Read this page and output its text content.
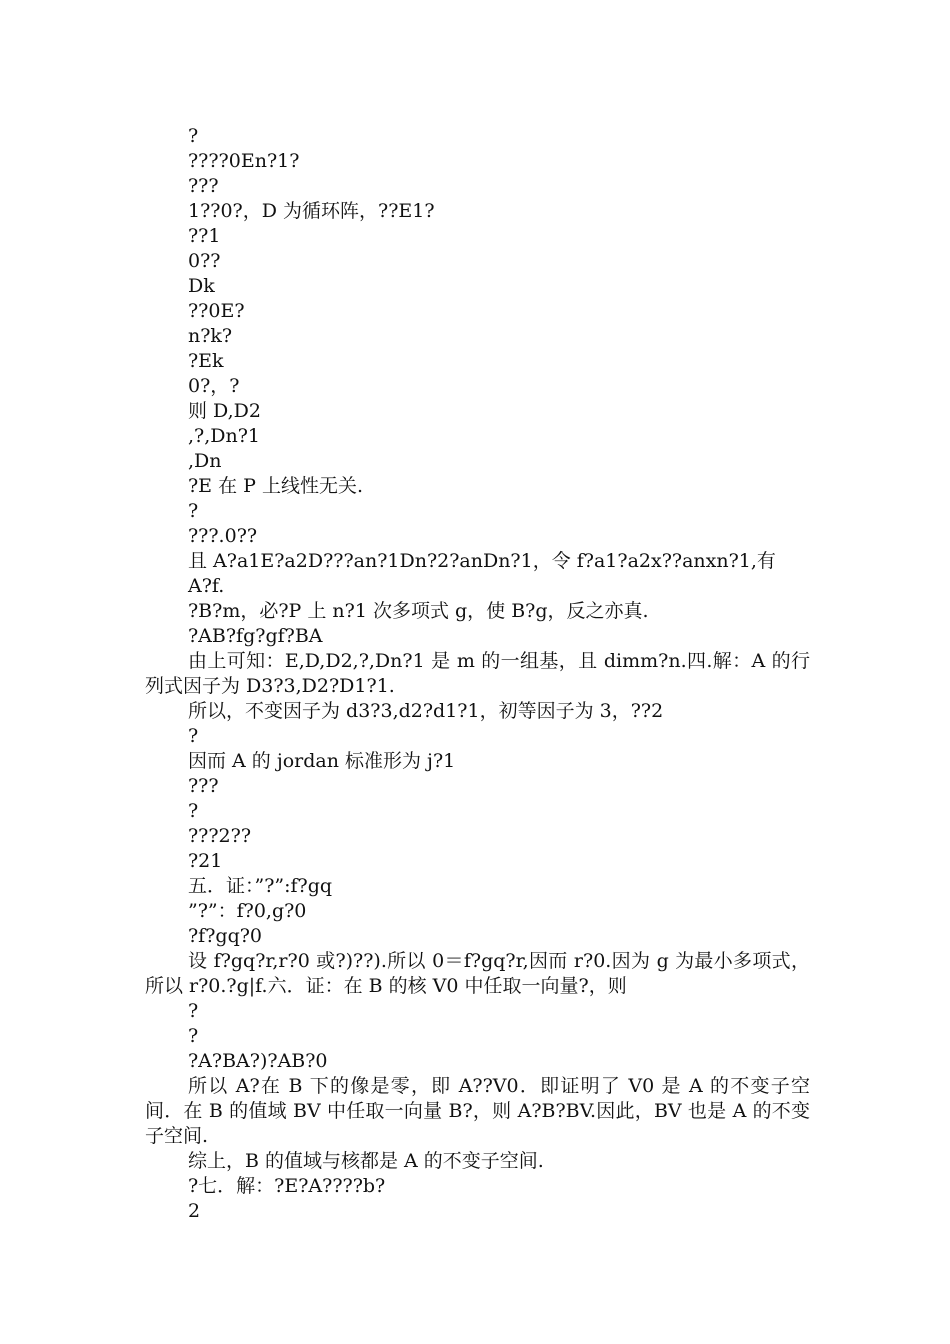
?

????0En?1?

???

1??0?，D 为循环阵，??E1?

??1

0??

Dk

??0E?

n?k?

?Ek

0?，?

则 D,D2

,?,Dn?1

,Dn

?E 在 P 上线性无关.

?

???.0??

且 A?a1E?a2D???an?1Dn?2?anDn?1，令 f?a1?a2x??anxn?1,有

A?f.

?B?m，必?P 上 n?1 次多项式 g，使 B?g，反之亦真.

?AB?fg?gf?BA

由上可知：E,D,D2,?,Dn?1 是 m 的一组基，且 dimm?n.四.解：A 的行列式因子为 D3?3,D2?D1?1.

所以，不变因子为 d3?3,d2?d1?1，初等因子为 3，??2

?

因而 A 的 jordan 标准形为 j?1

???

?

???2??

?21

五．证：”?”:f?gq

”?”：f?0,g?0

?f?gq?0

设 f?gq?r,r?0 或?)??).所以 0＝f?gq?r,因而 r?0.因为 g 为最小多项式，所以 r?0.?g|f.六．证：在 B 的核 V0 中任取一向量?，则

?

?

?A?BA?)?AB?0

所以 A?在 B 下的像是零，即 A??V0．即证明了 V0 是 A 的不变子空间．在 B 的值域 BV 中任取一向量 B?，则 A?B?BV.因此，BV 也是 A 的不变子空间.

综上，B 的值域与核都是 A 的不变子空间.

?七．解：?E?A????b?

2
